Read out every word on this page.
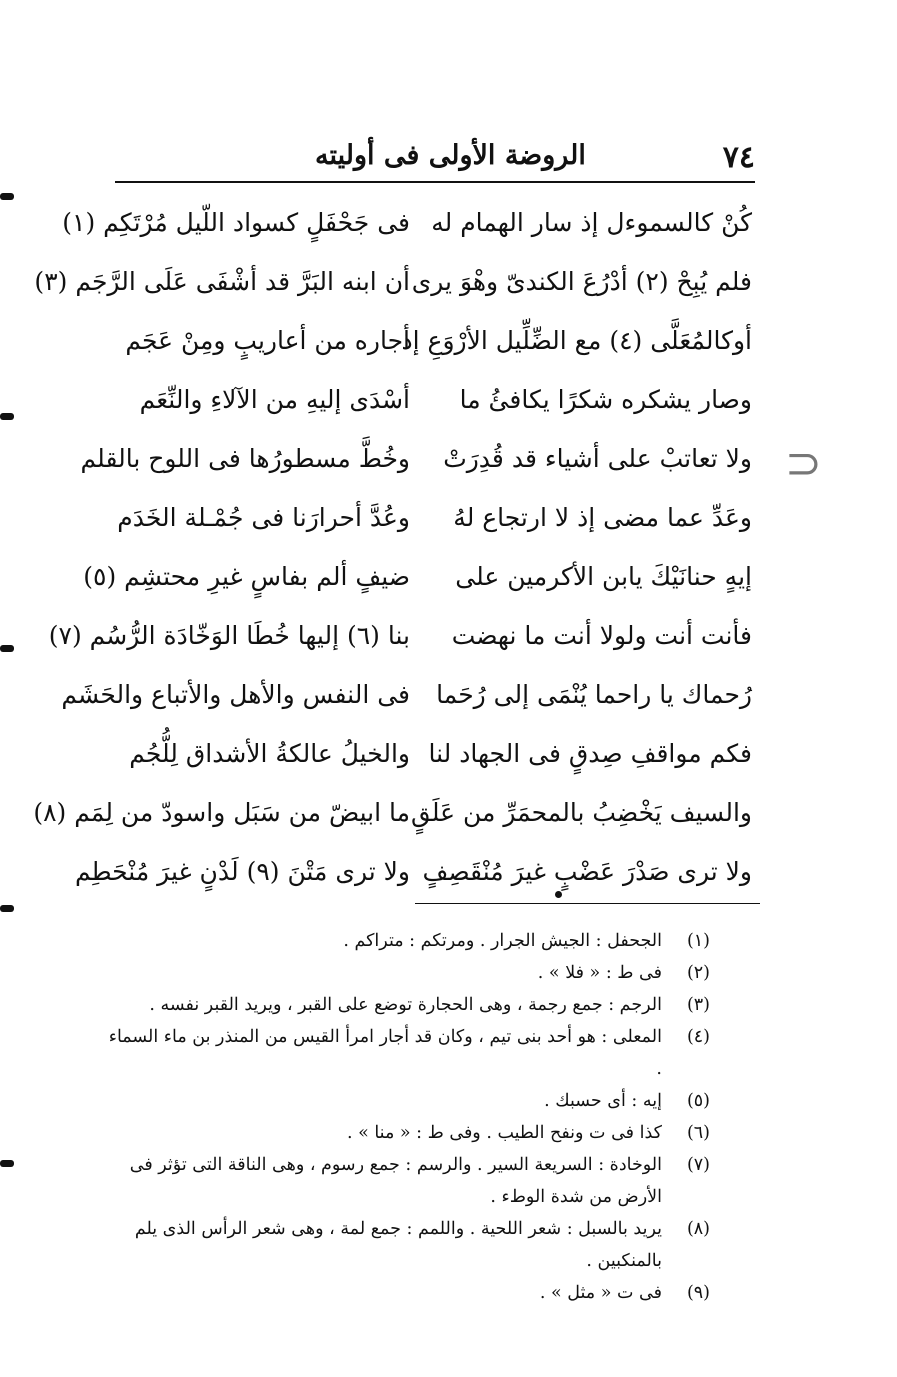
٧٤
الروضة الأولى فى أوليته
كُنْ كالسموءل إذ سار الهمام له
فى جَحْفَلٍ كسواد اللّيل مُرْتَكِم (١)
فلم يُبِحْ (٢) أدْرُعَ الكندىّ وهْوَ يرى
أن ابنه البَرَّ قد أشْفَى عَلَى الرَّجَم (٣)
أوكالمُعَلَّى (٤) مع الضِّلِّيل الأرْوَعِ إذ
أجاره من أعاريبٍ ومِنْ عَجَم
وصار يشكره شكرًا يكافئُ ما
أسْدَى إليهِ من الآلاءِ والنِّعَم
ولا تعاتبْ على أشياء قد قُدِرَتْ
وخُطَّ مسطورُها فى اللوح بالقلم
وعَدِّ عما مضى إذ لا ارتجاع لهُ
وعُدَّ أحرارَنا فى جُمْـلة الخَدَم
إيهٍ حنانَيْكَ يابن الأكرمين على
ضيفٍ ألم بفاسٍ غيرِ محتشِم (٥)
فأنت أنت ولولا أنت ما نهضت
بنا (٦) إليها خُطَا الوَخّادَة الرُّسُم (٧)
رُحماك يا راحما يُنْمَى إلى رُحَما
فى النفس والأهل والأتباع والحَشَم
فكم مواقفِ صِدقٍ فى الجهاد لنا
والخيلُ عالكةُ الأشداق لِلُّجُم
والسيف يَخْضِبُ بالمحمَرِّ من عَلَقٍ
ما ابيضّ من سَبَل واسودّ من لِمَم (٨)
ولا ترى صَدْرَ عَضْبٍ غيرَ مُنْقَصِفٍ
ولا ترى مَتْنَ (٩) لَدْنٍ غيرَ مُنْحَطِم
(١)
الجحفل : الجيش الجرار . ومرتكم : متراكم .
(٢)
فى ط : « فلا » .
(٣)
الرجم : جمع رجمة ، وهى الحجارة توضع على القبر ، ويريد القبر نفسه .
(٤)
المعلى : هو أحد بنى تيم ، وكان قد أجار امرأ القيس من المنذر بن ماء السماء .
(٥)
إيه : أى حسبك .
(٦)
كذا فى ت ونفح الطيب . وفى ط : « منا » .
(٧)
الوخادة : السريعة السير . والرسم : جمع رسوم ، وهى الناقة التى تؤثر فى الأرض من شدة الوطء .
(٨)
يريد بالسبل : شعر اللحية . واللمم : جمع لمة ، وهى شعر الرأس الذى يلم بالمنكبين .
(٩)
فى ت « مثل » .
⊃
